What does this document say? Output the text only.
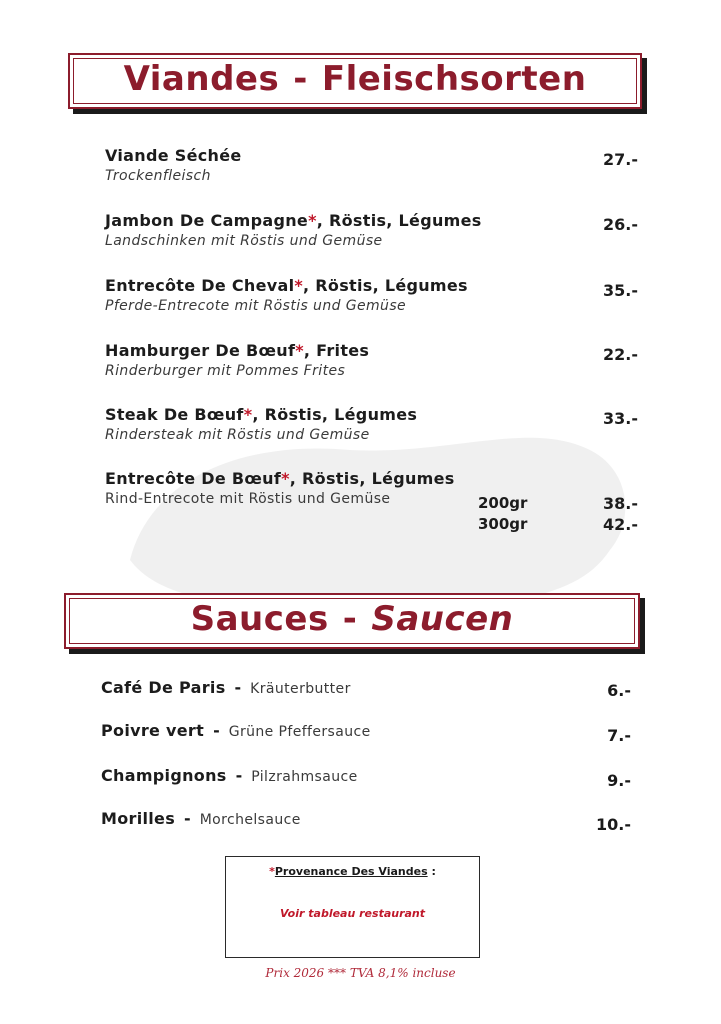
Viandes - Fleischsorten
Viande Séchée
Trockenfleisch
27.-
Jambon De Campagne*, Röstis, Légumes
Landschinken mit Röstis und Gemüse
26.-
Entrecôte De Cheval*, Röstis, Légumes
Pferde-Entrecote mit Röstis und Gemüse
35.-
Hamburger De Bœuf*, Frites
Rinderburger mit Pommes Frites
22.-
Steak De Bœuf*, Röstis, Légumes
Rindersteak mit Röstis und Gemüse
33.-
Entrecôte De Bœuf*, Röstis, Légumes
Rind-Entrecote mit Röstis und Gemüse	200gr	38.-
300gr	42.-
Sauces - Saucen
Café De Paris - Kräuterbutter	6.-
Poivre vert - Grüne Pfeffersauce	7.-
Champignons - Pilzrahmsauce	9.-
Morilles - Morchelsauce	10.-
*Provenance Des Viandes :
Voir tableau restaurant
Prix 2026 *** TVA 8,1% incluse
